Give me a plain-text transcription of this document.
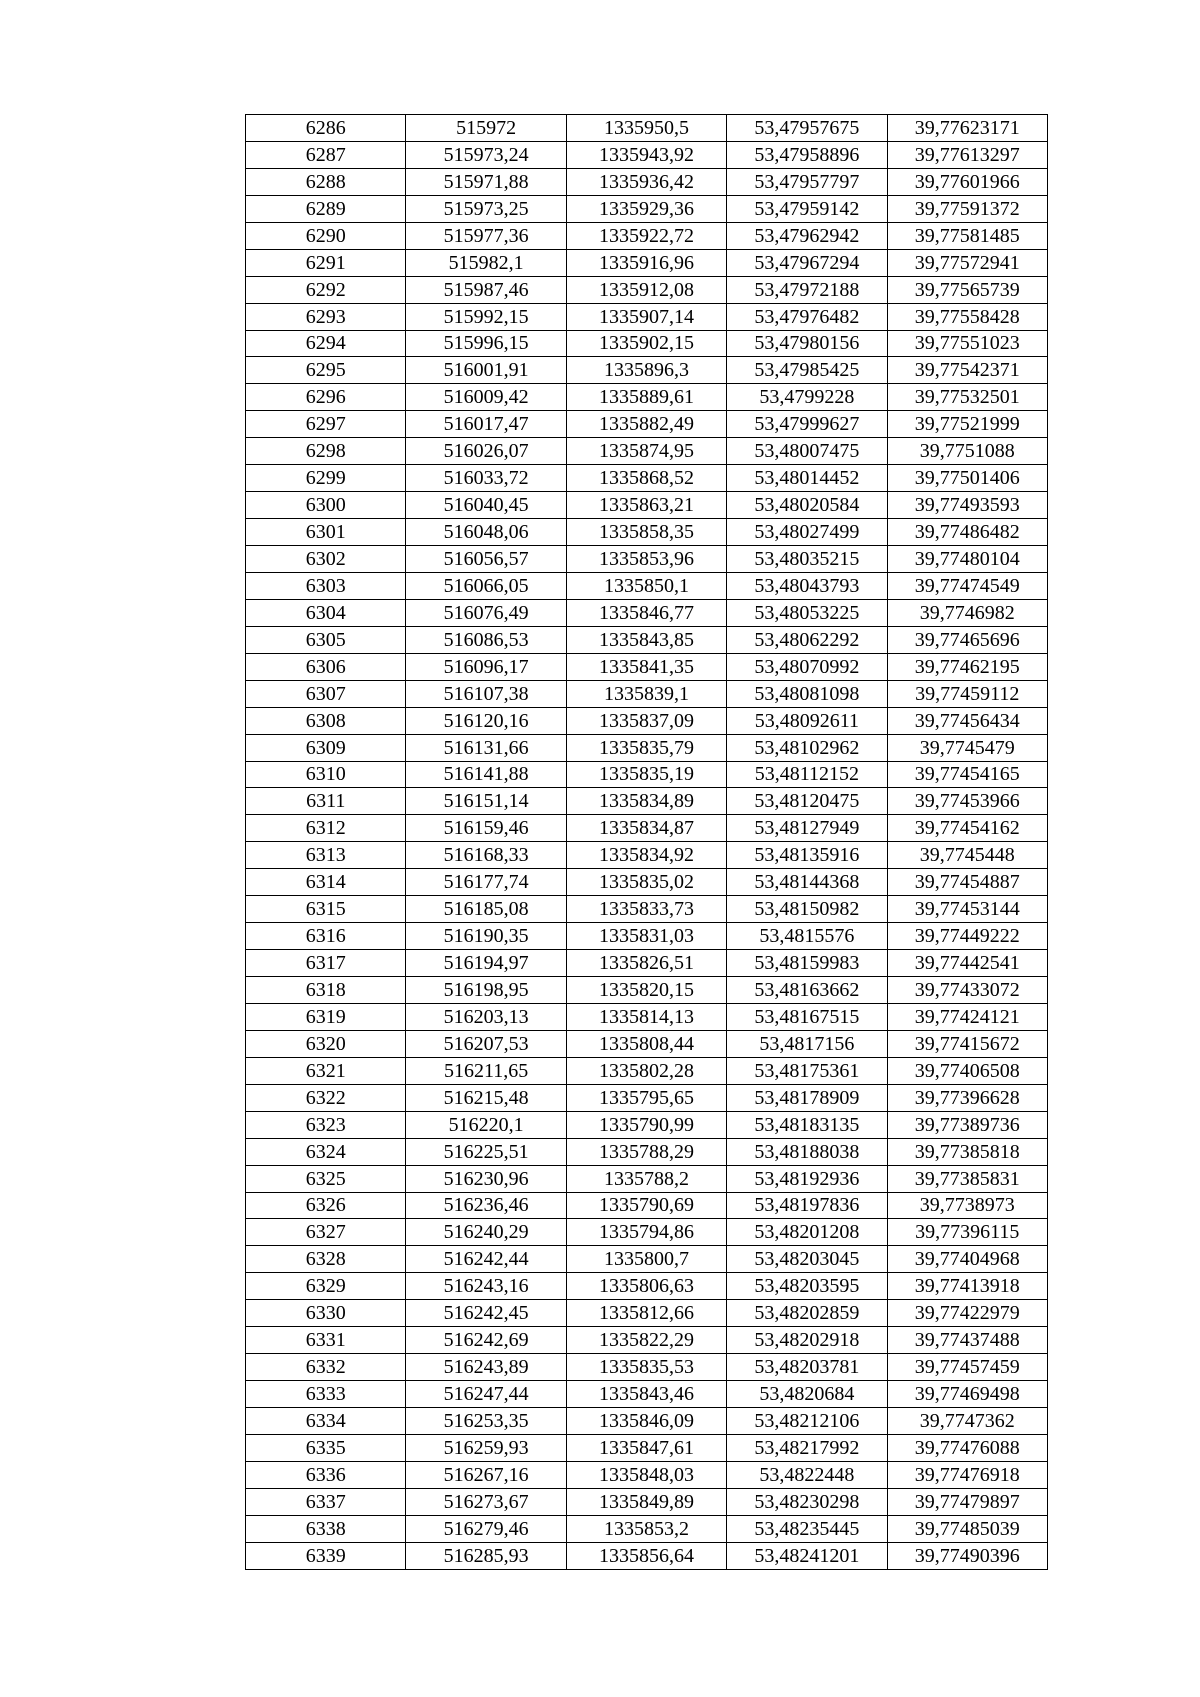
6286	515972	1335950,5	53,47957675	39,77623171
6287	515973,24	1335943,92	53,47958896	39,77613297
6288	515971,88	1335936,42	53,47957797	39,77601966
6289	515973,25	1335929,36	53,47959142	39,77591372
6290	515977,36	1335922,72	53,47962942	39,77581485
6291	515982,1	1335916,96	53,47967294	39,77572941
6292	515987,46	1335912,08	53,47972188	39,77565739
6293	515992,15	1335907,14	53,47976482	39,77558428
6294	515996,15	1335902,15	53,47980156	39,77551023
6295	516001,91	1335896,3	53,47985425	39,77542371
6296	516009,42	1335889,61	53,4799228	39,77532501
6297	516017,47	1335882,49	53,47999627	39,77521999
6298	516026,07	1335874,95	53,48007475	39,7751088
6299	516033,72	1335868,52	53,48014452	39,77501406
6300	516040,45	1335863,21	53,48020584	39,77493593
6301	516048,06	1335858,35	53,48027499	39,77486482
6302	516056,57	1335853,96	53,48035215	39,77480104
6303	516066,05	1335850,1	53,48043793	39,77474549
6304	516076,49	1335846,77	53,48053225	39,7746982
6305	516086,53	1335843,85	53,48062292	39,77465696
6306	516096,17	1335841,35	53,48070992	39,77462195
6307	516107,38	1335839,1	53,48081098	39,77459112
6308	516120,16	1335837,09	53,48092611	39,77456434
6309	516131,66	1335835,79	53,48102962	39,7745479
6310	516141,88	1335835,19	53,48112152	39,77454165
6311	516151,14	1335834,89	53,48120475	39,77453966
6312	516159,46	1335834,87	53,48127949	39,77454162
6313	516168,33	1335834,92	53,48135916	39,7745448
6314	516177,74	1335835,02	53,48144368	39,77454887
6315	516185,08	1335833,73	53,48150982	39,77453144
6316	516190,35	1335831,03	53,4815576	39,77449222
6317	516194,97	1335826,51	53,48159983	39,77442541
6318	516198,95	1335820,15	53,48163662	39,77433072
6319	516203,13	1335814,13	53,48167515	39,77424121
6320	516207,53	1335808,44	53,4817156	39,77415672
6321	516211,65	1335802,28	53,48175361	39,77406508
6322	516215,48	1335795,65	53,48178909	39,77396628
6323	516220,1	1335790,99	53,48183135	39,77389736
6324	516225,51	1335788,29	53,48188038	39,77385818
6325	516230,96	1335788,2	53,48192936	39,77385831
6326	516236,46	1335790,69	53,48197836	39,7738973
6327	516240,29	1335794,86	53,48201208	39,77396115
6328	516242,44	1335800,7	53,48203045	39,77404968
6329	516243,16	1335806,63	53,48203595	39,77413918
6330	516242,45	1335812,66	53,48202859	39,77422979
6331	516242,69	1335822,29	53,48202918	39,77437488
6332	516243,89	1335835,53	53,48203781	39,77457459
6333	516247,44	1335843,46	53,4820684	39,77469498
6334	516253,35	1335846,09	53,48212106	39,7747362
6335	516259,93	1335847,61	53,48217992	39,77476088
6336	516267,16	1335848,03	53,4822448	39,77476918
6337	516273,67	1335849,89	53,48230298	39,77479897
6338	516279,46	1335853,2	53,48235445	39,77485039
6339	516285,93	1335856,64	53,48241201	39,77490396
